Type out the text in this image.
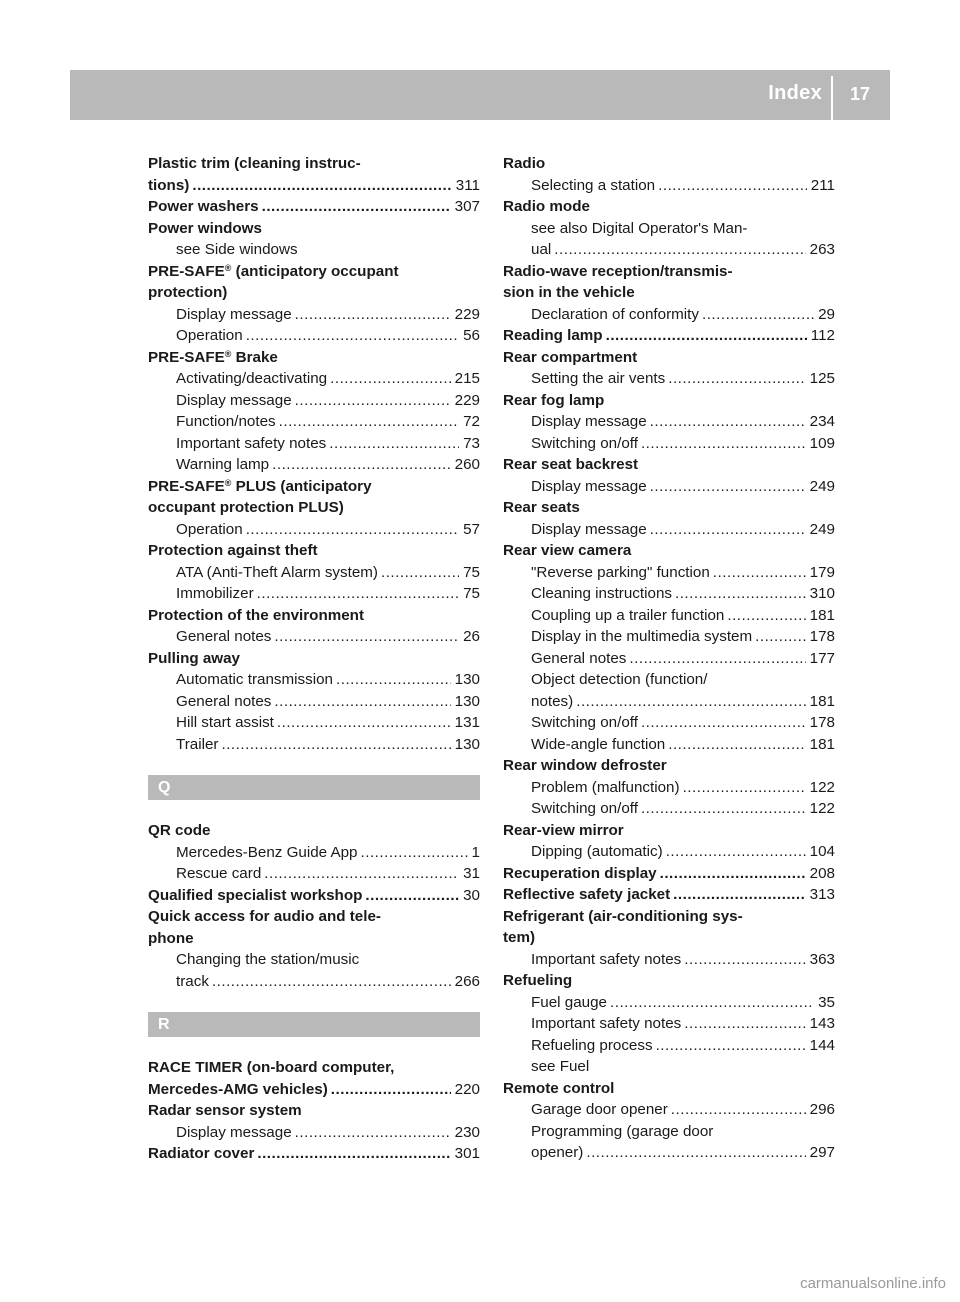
Index 17
Plastic trim (cleaning instruc-
tions) .....	311
Power washers .....	307
Power windows
see Side windows
PRE-SAFE® (anticipatory occupant
protection)
Display message .....	229
Operation .....	56
PRE-SAFE® Brake
Activating/deactivating .....	215
Display message .....	229
Function/notes .....	72
Important safety notes .....	73
Warning lamp .....	260
PRE-SAFE® PLUS (anticipatory
occupant protection PLUS)
Operation .....	57
Protection against theft
ATA (Anti-Theft Alarm system) .....	75
Immobilizer .....	75
Protection of the environment
General notes .....	26
Pulling away
Automatic transmission .....	130
General notes .....	130
Hill start assist .....	131
Trailer .....	130
Q
QR code
Mercedes-Benz Guide App .....	1
Rescue card .....	31
Qualified specialist workshop .....	30
Quick access for audio and tele-
phone
Changing the station/music
track .....	266
R
RACE TIMER (on-board computer,
Mercedes-AMG vehicles) .....	220
Radar sensor system
Display message .....	230
Radiator cover .....	301
Radio
Selecting a station .....	211
Radio mode
see also Digital Operator's Man-
ual .....	263
Radio-wave reception/transmis-
sion in the vehicle
Declaration of conformity .....	29
Reading lamp .....	112
Rear compartment
Setting the air vents .....	125
Rear fog lamp
Display message .....	234
Switching on/off .....	109
Rear seat backrest
Display message .....	249
Rear seats
Display message .....	249
Rear view camera
"Reverse parking" function .....	179
Cleaning instructions .....	310
Coupling up a trailer function .....	181
Display in the multimedia system .....	178
General notes .....	177
Object detection (function/
notes) .....	181
Switching on/off .....	178
Wide-angle function .....	181
Rear window defroster
Problem (malfunction) .....	122
Switching on/off .....	122
Rear-view mirror
Dipping (automatic) .....	104
Recuperation display .....	208
Reflective safety jacket .....	313
Refrigerant (air-conditioning sys-
tem)
Important safety notes .....	363
Refueling
Fuel gauge .....	35
Important safety notes .....	143
Refueling process .....	144
see Fuel
Remote control
Garage door opener .....	296
Programming (garage door
opener) .....	297
carmanualsonline.info
